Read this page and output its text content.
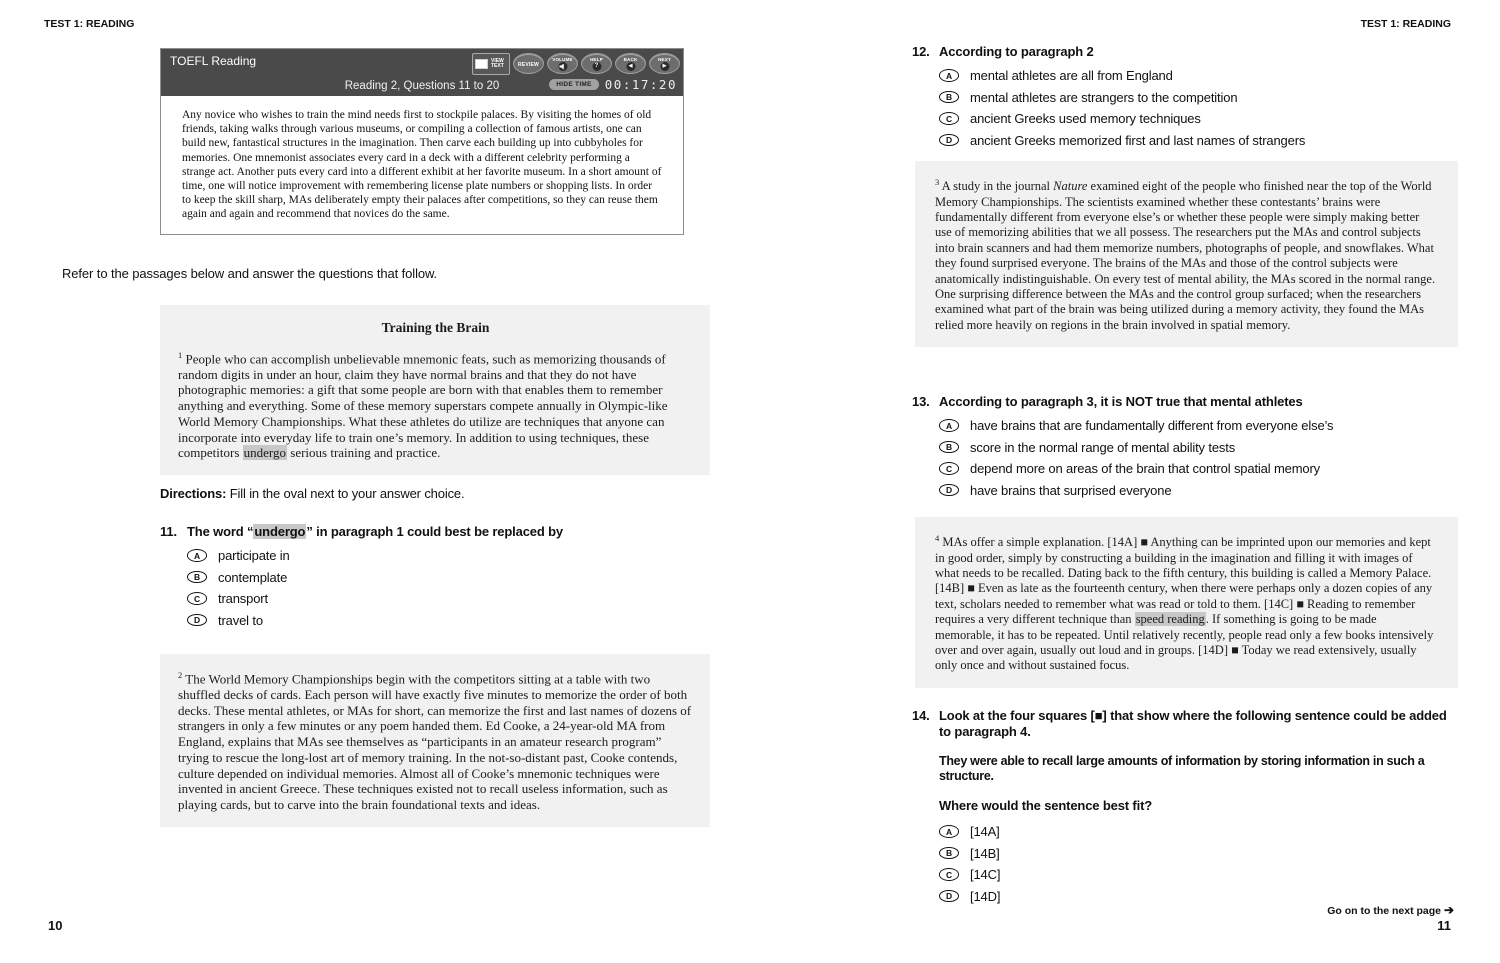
TEST 1: READING	TEST 1: READING
TOEFL Reading	VIEW TEXT	REVIEW
VOLUME	HELP
?
BACK
◀
NEXT
▶
Reading 2, Questions 11 to 20	HIDE TIME	00:17:20
Any novice who wishes to train the mind needs first to stockpile palaces. By visiting the homes of old friends, taking walks through various museums, or compiling a collection of famous artists, one can build new, fantastical structures in the imagination. Then carve each building up into cubbyholes for memories. One mnemonist associates every card in a deck with a different celebrity performing a strange act. Another puts every card into a different exhibit at her favorite museum. In a short amount of time, one will notice improvement with remembering license plate numbers or shopping lists. In order to keep the skill sharp, MAs deliberately empty their palaces after competitions, so they can reuse them again and again and recommend that novices do the same.
Refer to the passages below and answer the questions that follow.
Training the Brain
$^1$ People who can accomplish unbelievable mnemonic feats, such as memorizing thousands of random digits in under an hour, claim they have normal brains and that they do not have photographic memories: a gift that some people are born with that enables them to remember anything and everything. Some of these memory superstars compete annually in Olympic-like World Memory Championships. What these athletes do utilize are techniques that anyone can incorporate into everyday life to train one’s memory. In addition to using techniques, these competitors undergo serious training and practice.
Directions: Fill in the oval next to your answer choice.
11. The word “undergo” in paragraph 1 could best be replaced by
A	participate in
B	contemplate
C	transport
D	travel to
$^2$ The World Memory Championships begin with the competitors sitting at a table with two shuffled decks of cards. Each person will have exactly five minutes to memorize the order of both decks. These mental athletes, or MAs for short, can memorize the first and last names of dozens of strangers in only a few minutes or any poem handed them. Ed Cooke, a 24-year-old MA from England, explains that MAs see themselves as “participants in an amateur research program” trying to rescue the long-lost art of memory training. In the not-so-distant past, Cooke contends, culture depended on individual memories. Almost all of Cooke’s mnemonic techniques were invented in ancient Greece. These techniques existed not to recall useless information, such as playing cards, but to carve into the brain foundational texts and ideas.
12. According to paragraph 2
A	mental athletes are all from England
B	mental athletes are strangers to the competition
C	ancient Greeks used memory techniques
D	ancient Greeks memorized first and last names of strangers
$^3$ A study in the journal Nature examined eight of the people who finished near the top of the World Memory Championships. The scientists examined whether these contestants’ brains were fundamentally different from everyone else’s or whether these people were simply making better use of memorizing abilities that we all possess. The researchers put the MAs and control subjects into brain scanners and had them memorize numbers, photographs of people, and snowflakes. What they found surprised everyone. The brains of the MAs and those of the control subjects were anatomically indistinguishable. On every test of mental ability, the MAs scored in the normal range. One surprising difference between the MAs and the control group surfaced; when the researchers examined what part of the brain was being utilized during a memory activity, they found the MAs relied more heavily on regions in the brain involved in spatial memory.
13. According to paragraph 3, it is NOT true that mental athletes
A	have brains that are fundamentally different from everyone else’s
B	score in the normal range of mental ability tests
C	depend more on areas of the brain that control spatial memory
D	have brains that surprised everyone
$^4$ MAs offer a simple explanation. [14A] ■ Anything can be imprinted upon our memories and kept in good order, simply by constructing a building in the imagination and filling it with images of what needs to be recalled. Dating back to the fifth century, this building is called a Memory Palace. [14B] ■ Even as late as the fourteenth century, when there were perhaps only a dozen copies of any text, scholars needed to remember what was read or told to them. [14C] ■ Reading to remember requires a very different technique than speed reading. If something is going to be made memorable, it has to be repeated. Until relatively recently, people read only a few books intensively over and over again, usually out loud and in groups. [14D] ■ Today we read extensively, usually only once and without sustained focus.
14. Look at the four squares [■] that show where the following sentence could be added to paragraph 4.
They were able to recall large amounts of information by storing information in such a structure.
Where would the sentence best fit?
A	[14A]
B	[14B]
C	[14C]
D	[14D]
Go on to the next page ➔
10	11
